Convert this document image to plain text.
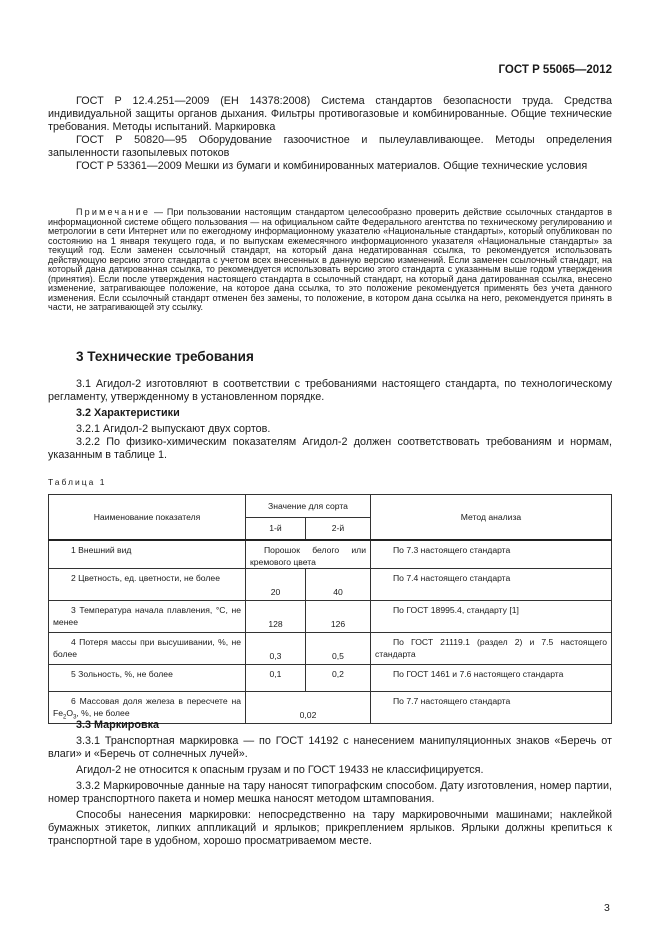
ГОСТ Р 55065—2012

ГОСТ Р 12.4.251—2009 (ЕН 14378:2008) Система стандартов безопасности труда. Средства индивидуальной защиты органов дыхания. Фильтры противогазовые и комбинированные. Общие технические требования. Методы испытаний. Маркировка

ГОСТ Р 50820—95 Оборудование газоочистное и пылеулавливающее. Методы определения запыленности газопылевых потоков

ГОСТ Р 53361—2009 Мешки из бумаги и комбинированных материалов. Общие технические условия

Примечание — При пользовании настоящим стандартом целесообразно проверить действие ссылочных стандартов в информационной системе общего пользования — на официальном сайте Федерального агентства по техническому регулированию и метрологии в сети Интернет или по ежегодному информационному указателю «Национальные стандарты», который опубликован по состоянию на 1 января текущего года, и по выпускам ежемесячного информационного указателя «Национальные стандарты» за текущий год. Если заменен ссылочный стандарт, на который дана недатированная ссылка, то рекомендуется использовать действующую версию этого стандарта с учетом всех внесенных в данную версию изменений. Если заменен ссылочный стандарт, на который дана датированная ссылка, то рекомендуется использовать версию этого стандарта с указанным выше годом утверждения (принятия). Если после утверждения настоящего стандарта в ссылочный стандарт, на который дана датированная ссылка, внесено изменение, затрагивающее положение, на которое дана ссылка, то это положение рекомендуется применять без учета данного изменения. Если ссылочный стандарт отменен без замены, то положение, в котором дана ссылка на него, рекомендуется принять в части, не затрагивающей эту ссылку.
3 Технические требования

3.1 Агидол-2 изготовляют в соответствии с требованиями настоящего стандарта, по технологическому регламенту, утвержденному в установленном порядке.

3.2 Характеристики

3.2.1 Агидол-2 выпускают двух сортов.

3.2.2 По физико-химическим показателям Агидол-2 должен соответствовать требованиям и нормам, указанным в таблице 1.

Таблица 1
Наименование показателя	Значение для сорта		Метод анализа
	1-й	2-й	
1 Внешний вид	Порошок белого или кремового цвета		По 7.3 настоящего стандарта
2 Цветность, ед. цветности, не более	20	40	По 7.4 настоящего стандарта
3 Температура начала плавления, °С, не менее	128	126	По ГОСТ 18995.4, стандарту [1]
4 Потеря массы при высушивании, %, не более	0,3	0,5	По ГОСТ 21119.1 (раздел 2) и 7.5 настоящего стандарта
5 Зольность, %, не более	0,1	0,2	По ГОСТ 1461 и 7.6 настоящего стандарта
6 Массовая доля железа в пересчете на $Fe_2O_3$, %, не более	0,02		По 7.7 настоящего стандарта
3.3 Маркировка

3.3.1 Транспортная маркировка — по ГОСТ 14192 с нанесением манипуляционных знаков «Беречь от влаги» и «Беречь от солнечных лучей».

Агидол-2 не относится к опасным грузам и по ГОСТ 19433 не классифицируется.

3.3.2 Маркировочные данные на тару наносят типографским способом. Дату изготовления, номер партии, номер транспортного пакета и номер мешка наносят методом штампования.

Способы нанесения маркировки: непосредственно на тару маркировочными машинами; наклейкой бумажных этикеток, липких аппликаций и ярлыков; прикреплением ярлыков. Ярлыки должны крепиться к транспортной таре в удобном, хорошо просматриваемом месте.

3
